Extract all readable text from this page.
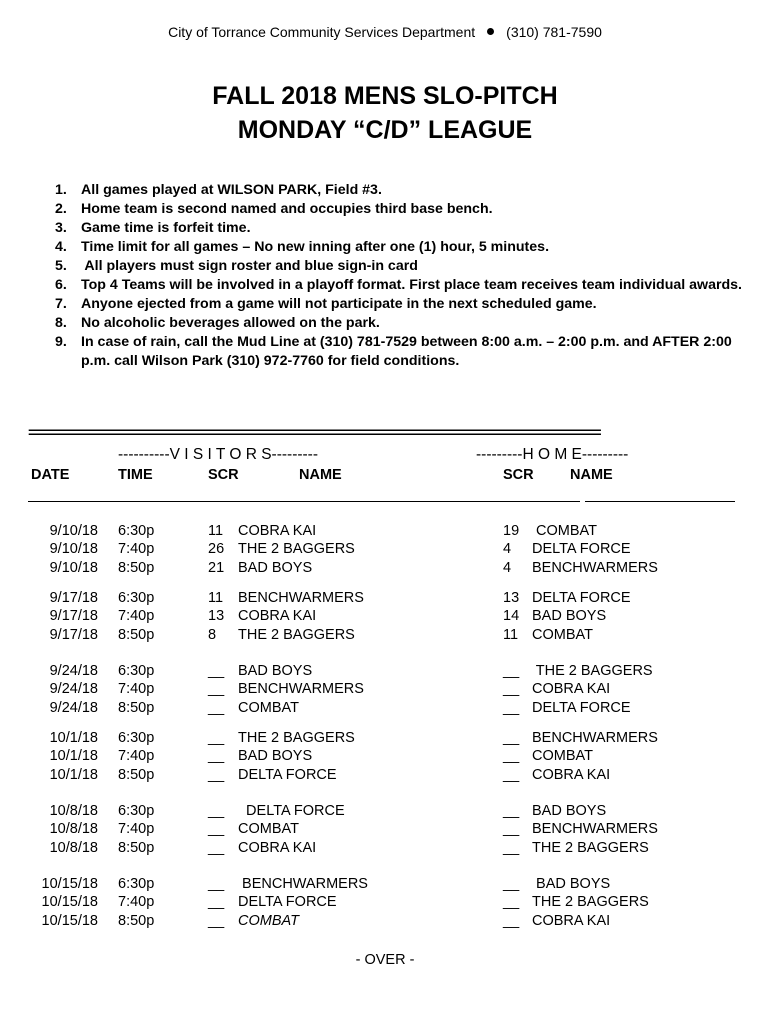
City of Torrance Community Services Department (310) 781-7590
FALL 2018 MENS SLO-PITCH
MONDAY “C/D” LEAGUE
1. All games played at WILSON PARK, Field #3.
2. Home team is second named and occupies third base bench.
3. Game time is forfeit time.
4. Time limit for all games – No new inning after one (1) hour, 5 minutes.
5. All players must sign roster and blue sign-in card
6. Top 4 Teams will be involved in a playoff format. First place team receives team individual awards.
7. Anyone ejected from a game will not participate in the next scheduled game.
8. No alcoholic beverages allowed on the park.
9. In case of rain, call the Mud Line at (310) 781-7529 between 8:00 a.m. – 2:00 p.m. and AFTER 2:00 p.m. call Wilson Park (310) 972-7760 for field conditions.
==========================================================================================
----------V I S I T O R S---------	---------H O M E---------
DATE	TIME	SCR	NAME	SCR	NAME
9/10/18 6:30p	11 COBRA KAI	19 COMBAT
9/10/18 7:40p	26 THE 2 BAGGERS	4 DELTA FORCE
9/10/18 8:50p	21 BAD BOYS	4 BENCHWARMERS
9/17/18 6:30p	11 BENCHWARMERS	13 DELTA FORCE
9/17/18 7:40p	13 COBRA KAI	14 BAD BOYS
9/17/18 8:50p	8 THE 2 BAGGERS	11 COMBAT
9/24/18 6:30p	__ BAD BOYS	__ THE 2 BAGGERS
9/24/18 7:40p	__ BENCHWARMERS	__ COBRA KAI
9/24/18 8:50p	__ COMBAT	__ DELTA FORCE
10/1/18 6:30p	__ THE 2 BAGGERS	__ BENCHWARMERS
10/1/18 7:40p	__ BAD BOYS	__ COMBAT
10/1/18 8:50p	__ DELTA FORCE	__ COBRA KAI
10/8/18 6:30p	__ DELTA FORCE	__ BAD BOYS
10/8/18 7:40p	__ COMBAT	__ BENCHWARMERS
10/8/18 8:50p	__ COBRA KAI	__ THE 2 BAGGERS
10/15/18 6:30p	__ BENCHWARMERS	__ BAD BOYS
10/15/18 7:40p	__ DELTA FORCE	__ THE 2 BAGGERS
10/15/18 8:50p	__ COMBAT	__ COBRA KAI
- OVER -
